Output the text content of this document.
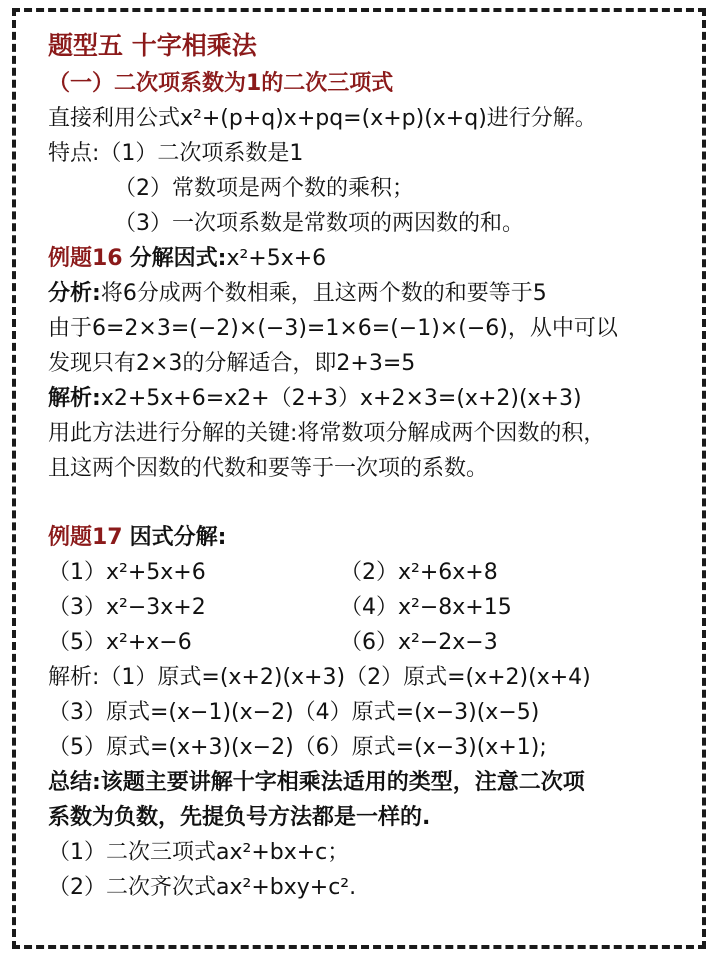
题型五 十字相乘法
（一）二次项系数为1的二次三项式
直接利用公式x²+(p+q)x+pq=(x+p)(x+q)进行分解。
特点:（1）二次项系数是1
（2）常数项是两个数的乘积；
（3）一次项系数是常数项的两因数的和。
例题16 分解因式:x²+5x+6
分析:将6分成两个数相乘，且这两个数的和要等于5
由于6=2×3=(−2)×(−3)=1×6=(−1)×(−6)，从中可以
发现只有2×3的分解适合，即2+3=5
解析:x2+5x+6=x2+（2+3）x+2×3=(x+2)(x+3)
用此方法进行分解的关键:将常数项分解成两个因数的积，
且这两个因数的代数和要等于一次项的系数。
例题17 因式分解:
（1）x²+5x+6	（2）x²+6x+8
（3）x²−3x+2	（4）x²−8x+15
（5）x²+x−6	（6）x²−2x−3
解析:（1）原式=(x+2)(x+3)（2）原式=(x+2)(x+4)
（3）原式=(x−1)(x−2)（4）原式=(x−3)(x−5)
（5）原式=(x+3)(x−2)（6）原式=(x−3)(x+1);
总结:该题主要讲解十字相乘法适用的类型，注意二次项
系数为负数，先提负号方法都是一样的.
（1）二次三项式ax²+bx+c；
（2）二次齐次式ax²+bxy+c².
